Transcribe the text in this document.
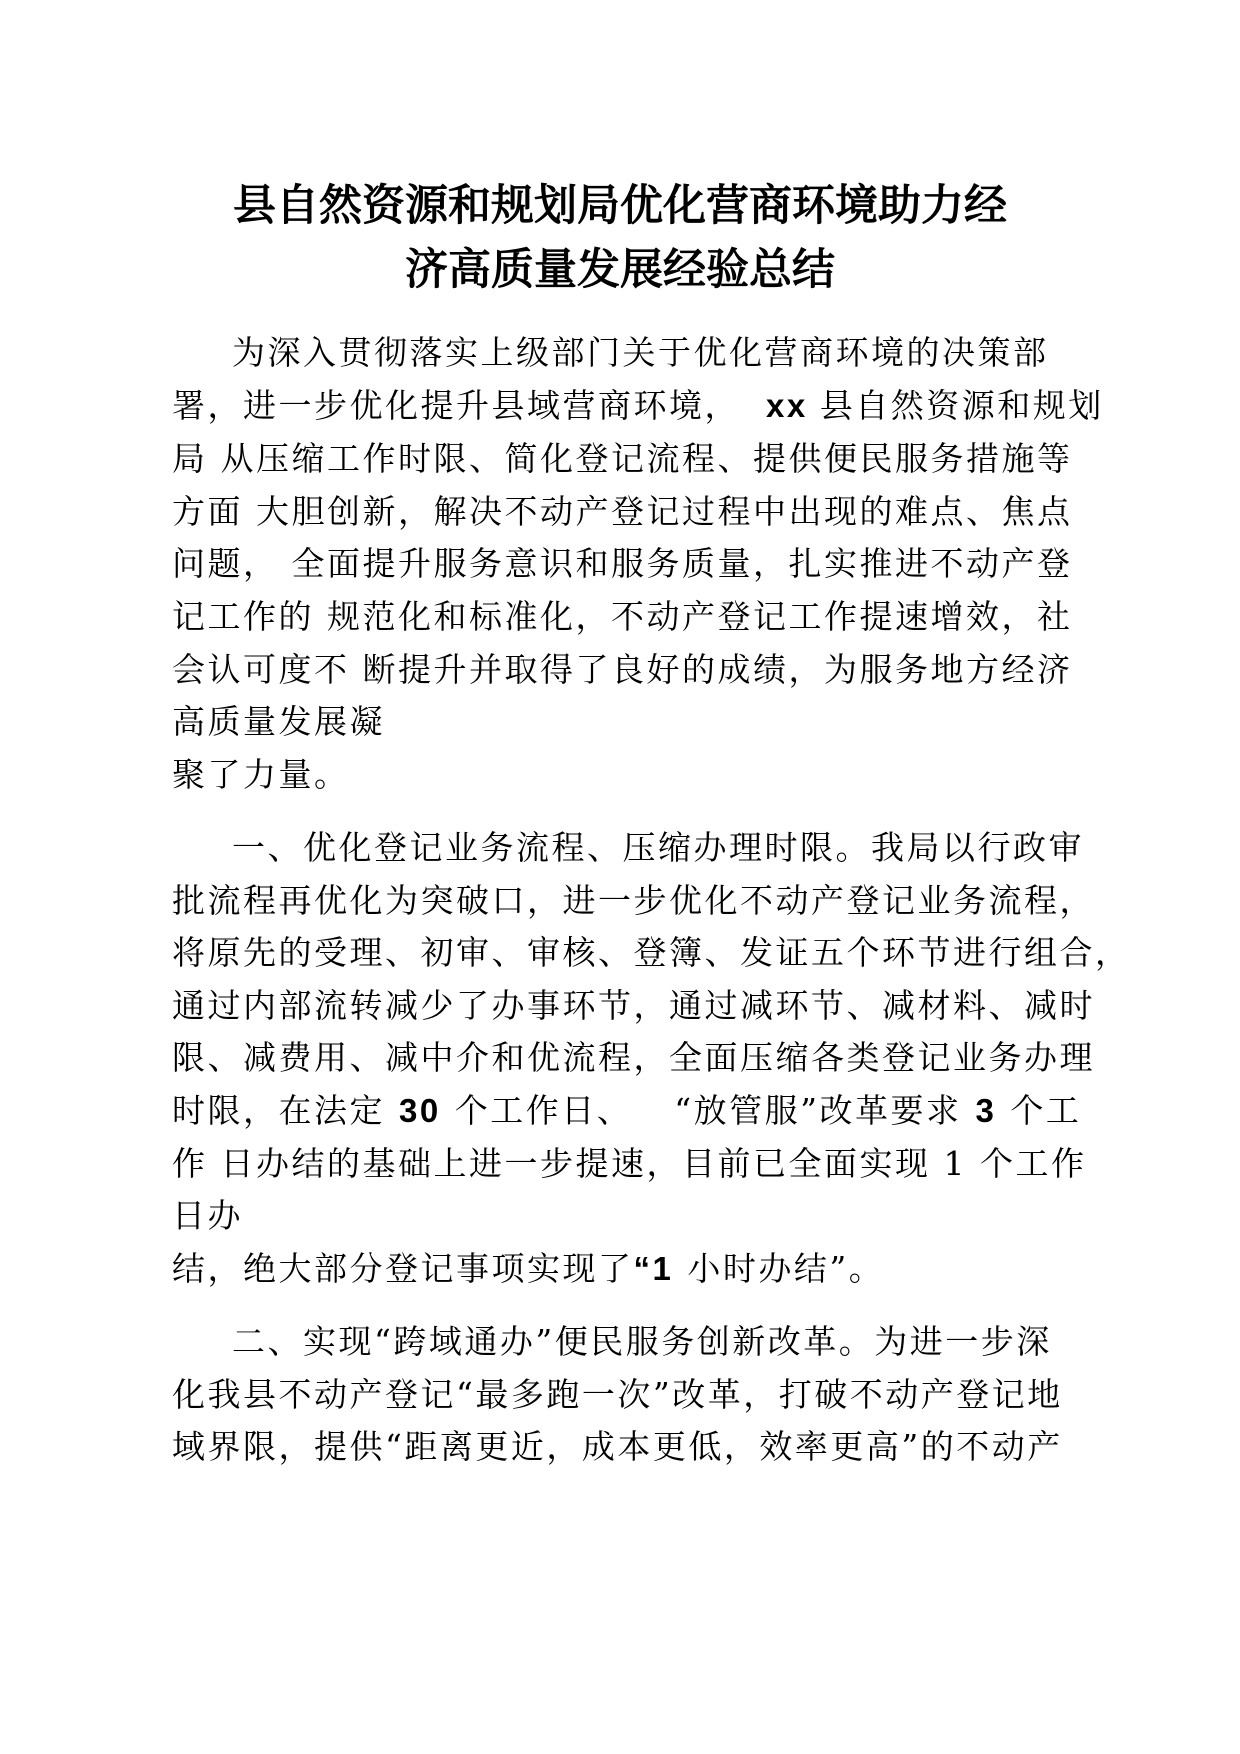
县自然资源和规划局优化营商环境助力经
济高质量发展经验总结

为深入贯彻落实上级部门关于优化营商环境的决策部

署，进一步优化提升县域营商环境， xx 县自然资源和规划

局 从压缩工作时限、简化登记流程、提供便民服务措施等

方面 大胆创新，解决不动产登记过程中出现的难点、焦点

问题， 全面提升服务意识和服务质量，扎实推进不动产登

记工作的 规范化和标准化，不动产登记工作提速增效，社

会认可度不 断提升并取得了良好的成绩，为服务地方经济

高质量发展凝

聚了力量。

一、优化登记业务流程、压缩办理时限。我局以行政审

批流程再优化为突破口，进一步优化不动产登记业务流程，

将原先的受理、初审、审核、登簿、发证五个环节进行组合，

通过内部流转减少了办事环节，通过减环节、减材料、减时

限、减费用、减中介和优流程，全面压缩各类登记业务办理

时限，在法定 30 个工作日、 “放管服”改革要求 3 个工

作 日办结的基础上进一步提速，目前已全面实现 1 个工作

日办

结，绝大部分登记事项实现了“1 小时办结”。

二、实现“跨域通办”便民服务创新改革。为进一步深

化我县不动产登记“最多跑一次”改革，打破不动产登记地

域界限，提供“距离更近，成本更低，效率更高”的不动产
